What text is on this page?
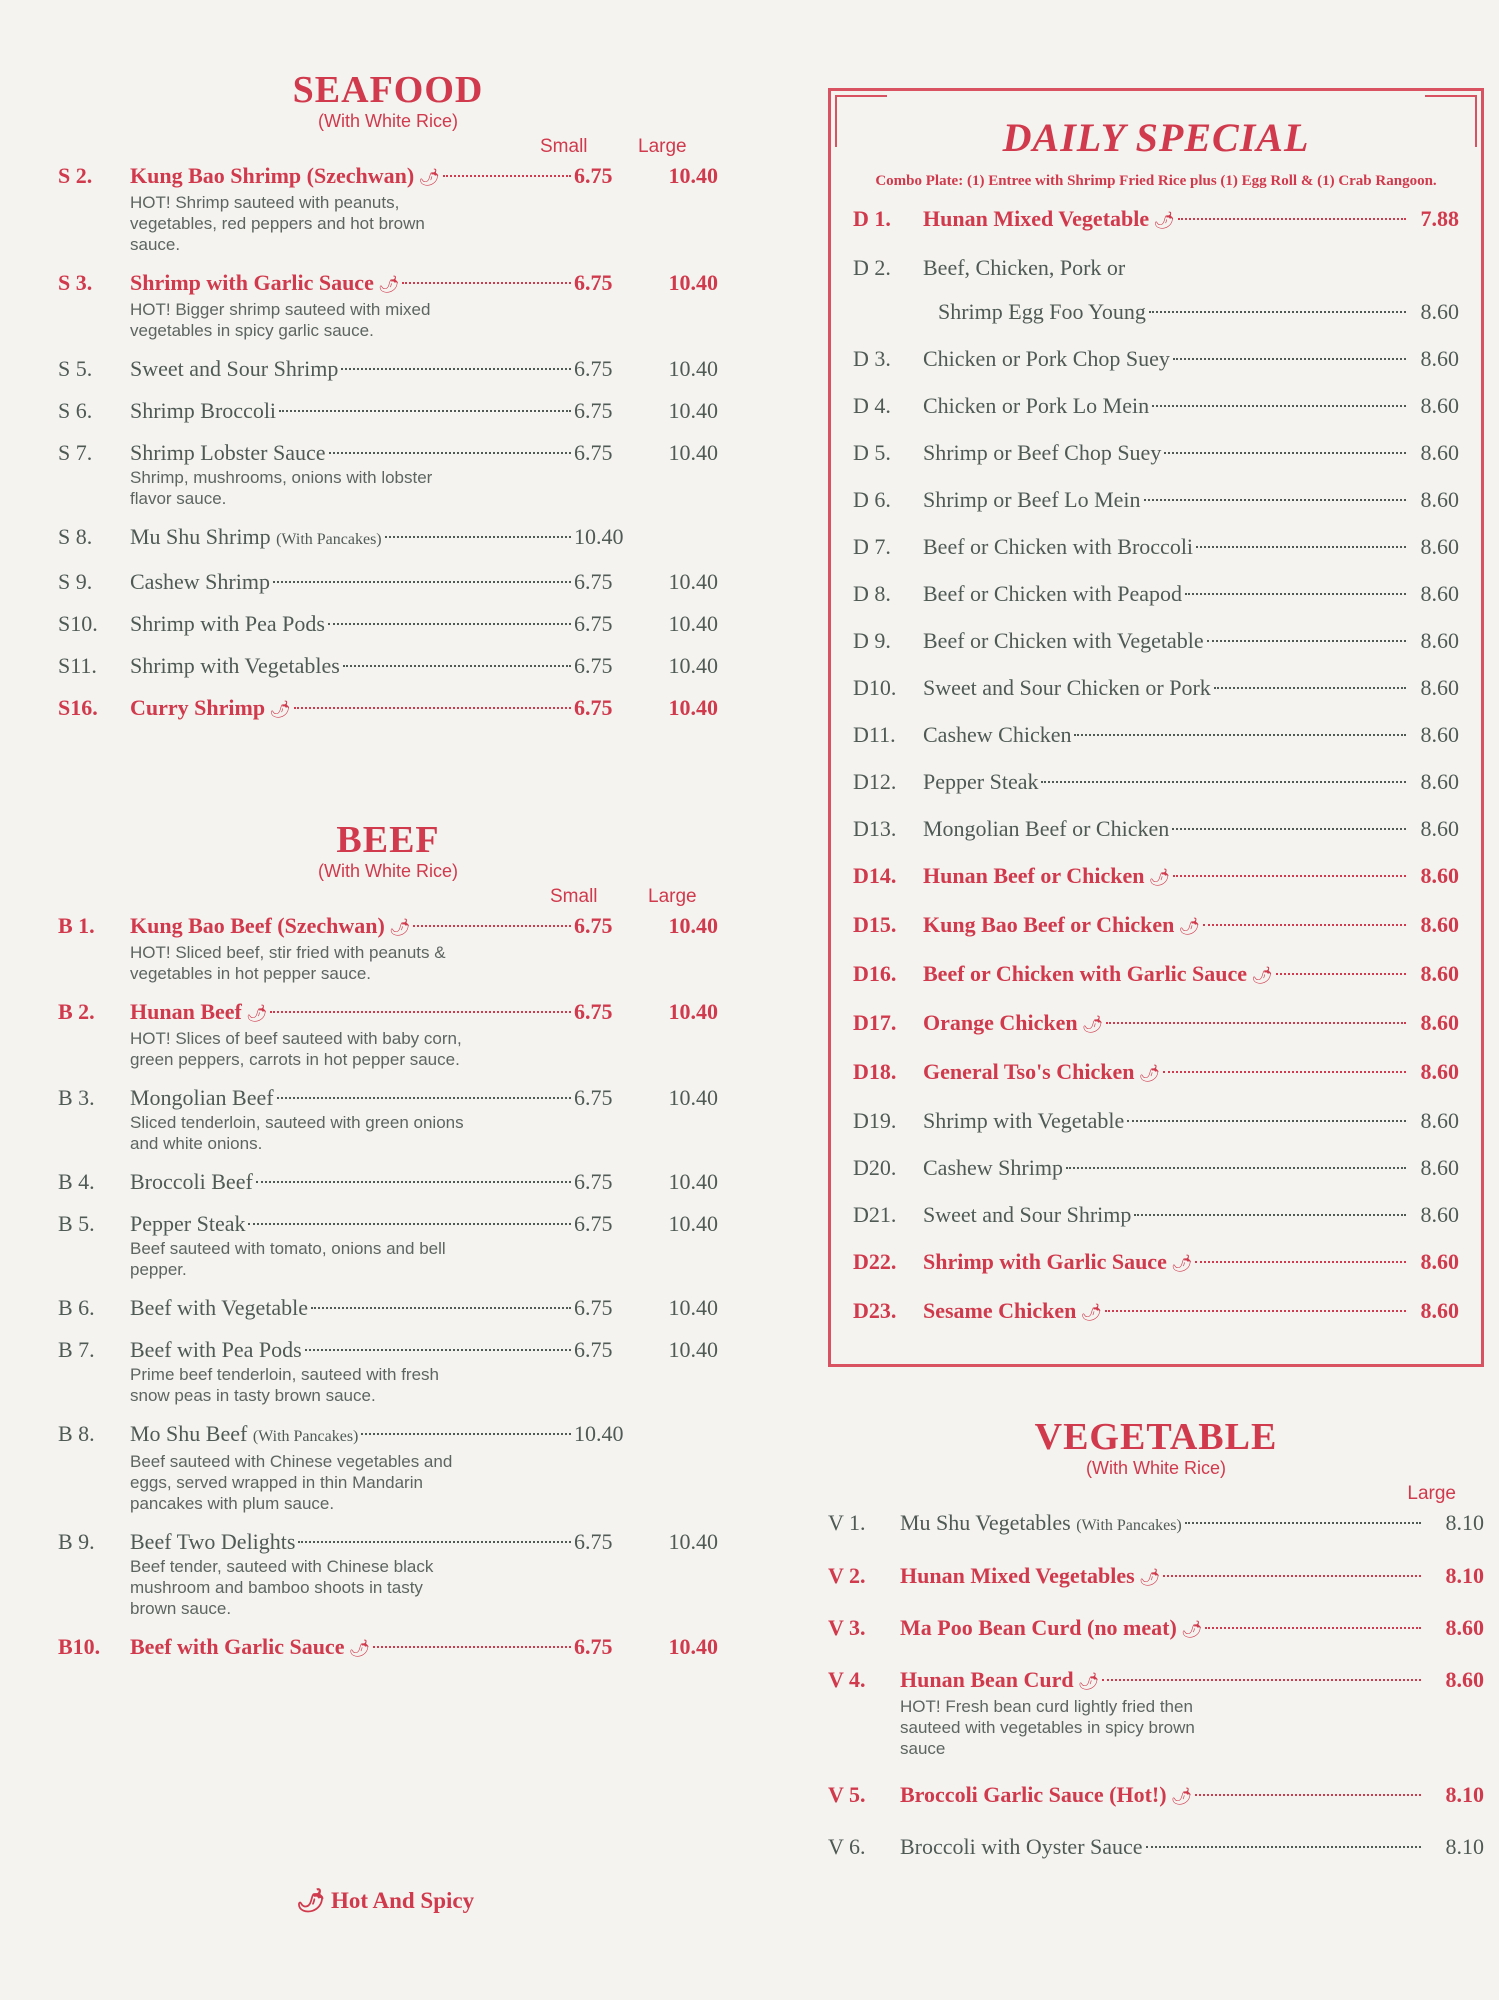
SEAFOOD
(With White Rice)
Small	Large
S 2.	Kung Bao Shrimp (Szechwan) 🌶︎	6.75	10.40
HOT! Shrimp sauteed with peanuts, vegetables, red peppers and hot brown sauce.
S 3.	Shrimp with Garlic Sauce 🌶︎	6.75	10.40
HOT! Bigger shrimp sauteed with mixed vegetables in spicy garlic sauce.
S 5.	Sweet and Sour Shrimp	6.75	10.40
S 6.	Shrimp Broccoli	6.75	10.40
S 7.	Shrimp Lobster Sauce	6.75	10.40
Shrimp, mushrooms, onions with lobster flavor sauce.
S 8.	Mu Shu Shrimp (With Pancakes)	10.40
S 9.	Cashew Shrimp	6.75	10.40
S10.	Shrimp with Pea Pods	6.75	10.40
S11.	Shrimp with Vegetables	6.75	10.40
S16.	Curry Shrimp 🌶︎	6.75	10.40
BEEF
(With White Rice)
Small	Large
B 1.	Kung Bao Beef (Szechwan) 🌶︎	6.75	10.40
HOT! Sliced beef, stir fried with peanuts & vegetables in hot pepper sauce.
B 2.	Hunan Beef 🌶︎	6.75	10.40
HOT! Slices of beef sauteed with baby corn, green peppers, carrots in hot pepper sauce.
B 3.	Mongolian Beef	6.75	10.40
Sliced tenderloin, sauteed with green onions and white onions.
B 4.	Broccoli Beef	6.75	10.40
B 5.	Pepper Steak	6.75	10.40
Beef sauteed with tomato, onions and bell pepper.
B 6.	Beef with Vegetable	6.75	10.40
B 7.	Beef with Pea Pods	6.75	10.40
Prime beef tenderloin, sauteed with fresh snow peas in tasty brown sauce.
B 8.	Mo Shu Beef (With Pancakes)	10.40
Beef sauteed with Chinese vegetables and eggs, served wrapped in thin Mandarin pancakes with plum sauce.
B 9.	Beef Two Delights	6.75	10.40
Beef tender, sauteed with Chinese black mushroom and bamboo shoots in tasty brown sauce.
B10.	Beef with Garlic Sauce 🌶︎	6.75	10.40
🌶︎ Hot And Spicy
DAILY SPECIAL
Combo Plate: (1) Entree with Shrimp Fried Rice plus (1) Egg Roll & (1) Crab Rangoon.
D 1.	Hunan Mixed Vegetable 🌶︎	7.88
D 2.	Beef, Chicken, Pork or
Shrimp Egg Foo Young	8.60
D 3.	Chicken or Pork Chop Suey	8.60
D 4.	Chicken or Pork Lo Mein	8.60
D 5.	Shrimp or Beef Chop Suey	8.60
D 6.	Shrimp or Beef Lo Mein	8.60
D 7.	Beef or Chicken with Broccoli	8.60
D 8.	Beef or Chicken with Peapod	8.60
D 9.	Beef or Chicken with Vegetable	8.60
D10.	Sweet and Sour Chicken or Pork	8.60
D11.	Cashew Chicken	8.60
D12.	Pepper Steak	8.60
D13.	Mongolian Beef or Chicken	8.60
D14.	Hunan Beef or Chicken 🌶︎	8.60
D15.	Kung Bao Beef or Chicken 🌶︎	8.60
D16.	Beef or Chicken with Garlic Sauce 🌶︎	8.60
D17.	Orange Chicken 🌶︎	8.60
D18.	General Tso's Chicken 🌶︎	8.60
D19.	Shrimp with Vegetable	8.60
D20.	Cashew Shrimp	8.60
D21.	Sweet and Sour Shrimp	8.60
D22.	Shrimp with Garlic Sauce 🌶︎	8.60
D23.	Sesame Chicken 🌶︎	8.60
VEGETABLE
(With White Rice)
Large
V 1.	Mu Shu Vegetables (With Pancakes)	8.10
V 2.	Hunan Mixed Vegetables 🌶︎	8.10
V 3.	Ma Poo Bean Curd (no meat) 🌶︎	8.60
V 4.	Hunan Bean Curd 🌶︎	8.60
HOT! Fresh bean curd lightly fried then sauteed with vegetables in spicy brown sauce
V 5.	Broccoli Garlic Sauce (Hot!) 🌶︎	8.10
V 6.	Broccoli with Oyster Sauce	8.10
